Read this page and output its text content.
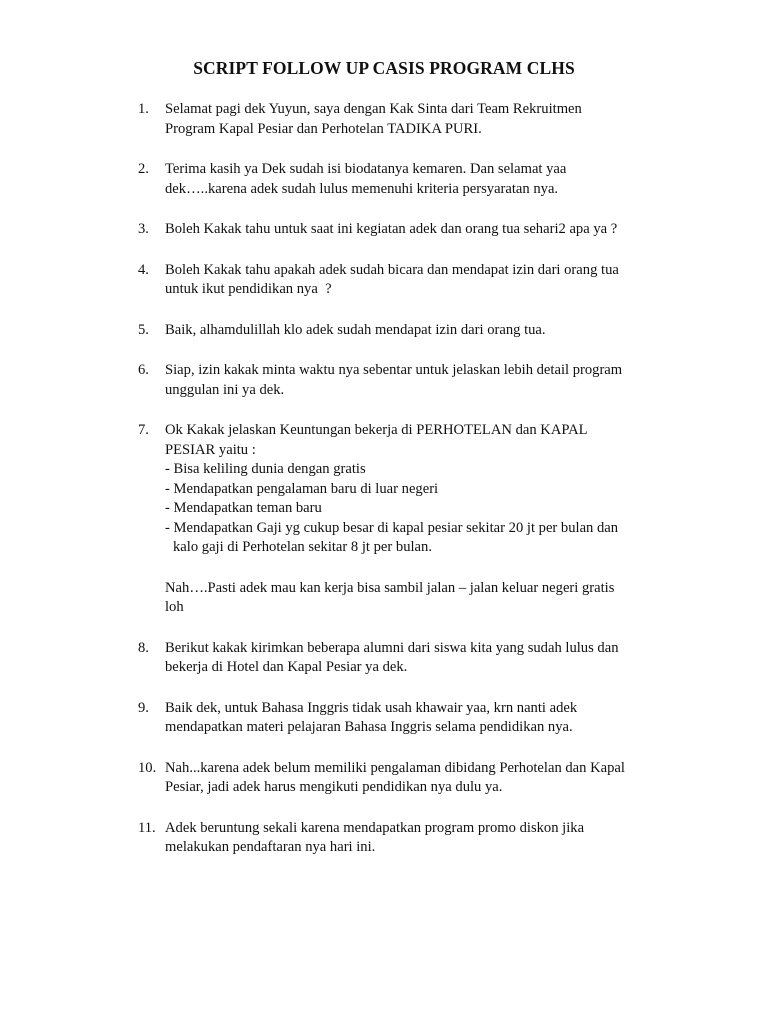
SCRIPT FOLLOW UP CASIS PROGRAM CLHS
1. Selamat pagi dek Yuyun, saya dengan Kak Sinta dari Team Rekruitmen
Program Kapal Pesiar dan Perhotelan TADIKA PURI.
2. Terima kasih ya Dek sudah isi biodatanya kemaren. Dan selamat yaa
dek…..karena adek sudah lulus memenuhi kriteria persyaratan nya.
3. Boleh Kakak tahu untuk saat ini kegiatan adek dan orang tua sehari2 apa ya ?
4. Boleh Kakak tahu apakah adek sudah bicara dan mendapat izin dari orang tua
untuk ikut pendidikan nya  ?
5. Baik, alhamdulillah klo adek sudah mendapat izin dari orang tua.
6. Siap, izin kakak minta waktu nya sebentar untuk jelaskan lebih detail program
unggulan ini ya dek.
7. Ok Kakak jelaskan Keuntungan bekerja di PERHOTELAN dan KAPAL
PESIAR yaitu :
- Bisa keliling dunia dengan gratis
- Mendapatkan pengalaman baru di luar negeri
- Mendapatkan teman baru
- Mendapatkan Gaji yg cukup besar di kapal pesiar sekitar 20 jt per bulan dan
kalo gaji di Perhotelan sekitar 8 jt per bulan.
Nah….Pasti adek mau kan kerja bisa sambil jalan – jalan keluar negeri gratis
loh
8. Berikut kakak kirimkan beberapa alumni dari siswa kita yang sudah lulus dan
bekerja di Hotel dan Kapal Pesiar ya dek.
9. Baik dek, untuk Bahasa Inggris tidak usah khawair yaa, krn nanti adek
mendapatkan materi pelajaran Bahasa Inggris selama pendidikan nya.
10. Nah...karena adek belum memiliki pengalaman dibidang Perhotelan dan Kapal
Pesiar, jadi adek harus mengikuti pendidikan nya dulu ya.
11. Adek beruntung sekali karena mendapatkan program promo diskon jika
melakukan pendaftaran nya hari ini.
